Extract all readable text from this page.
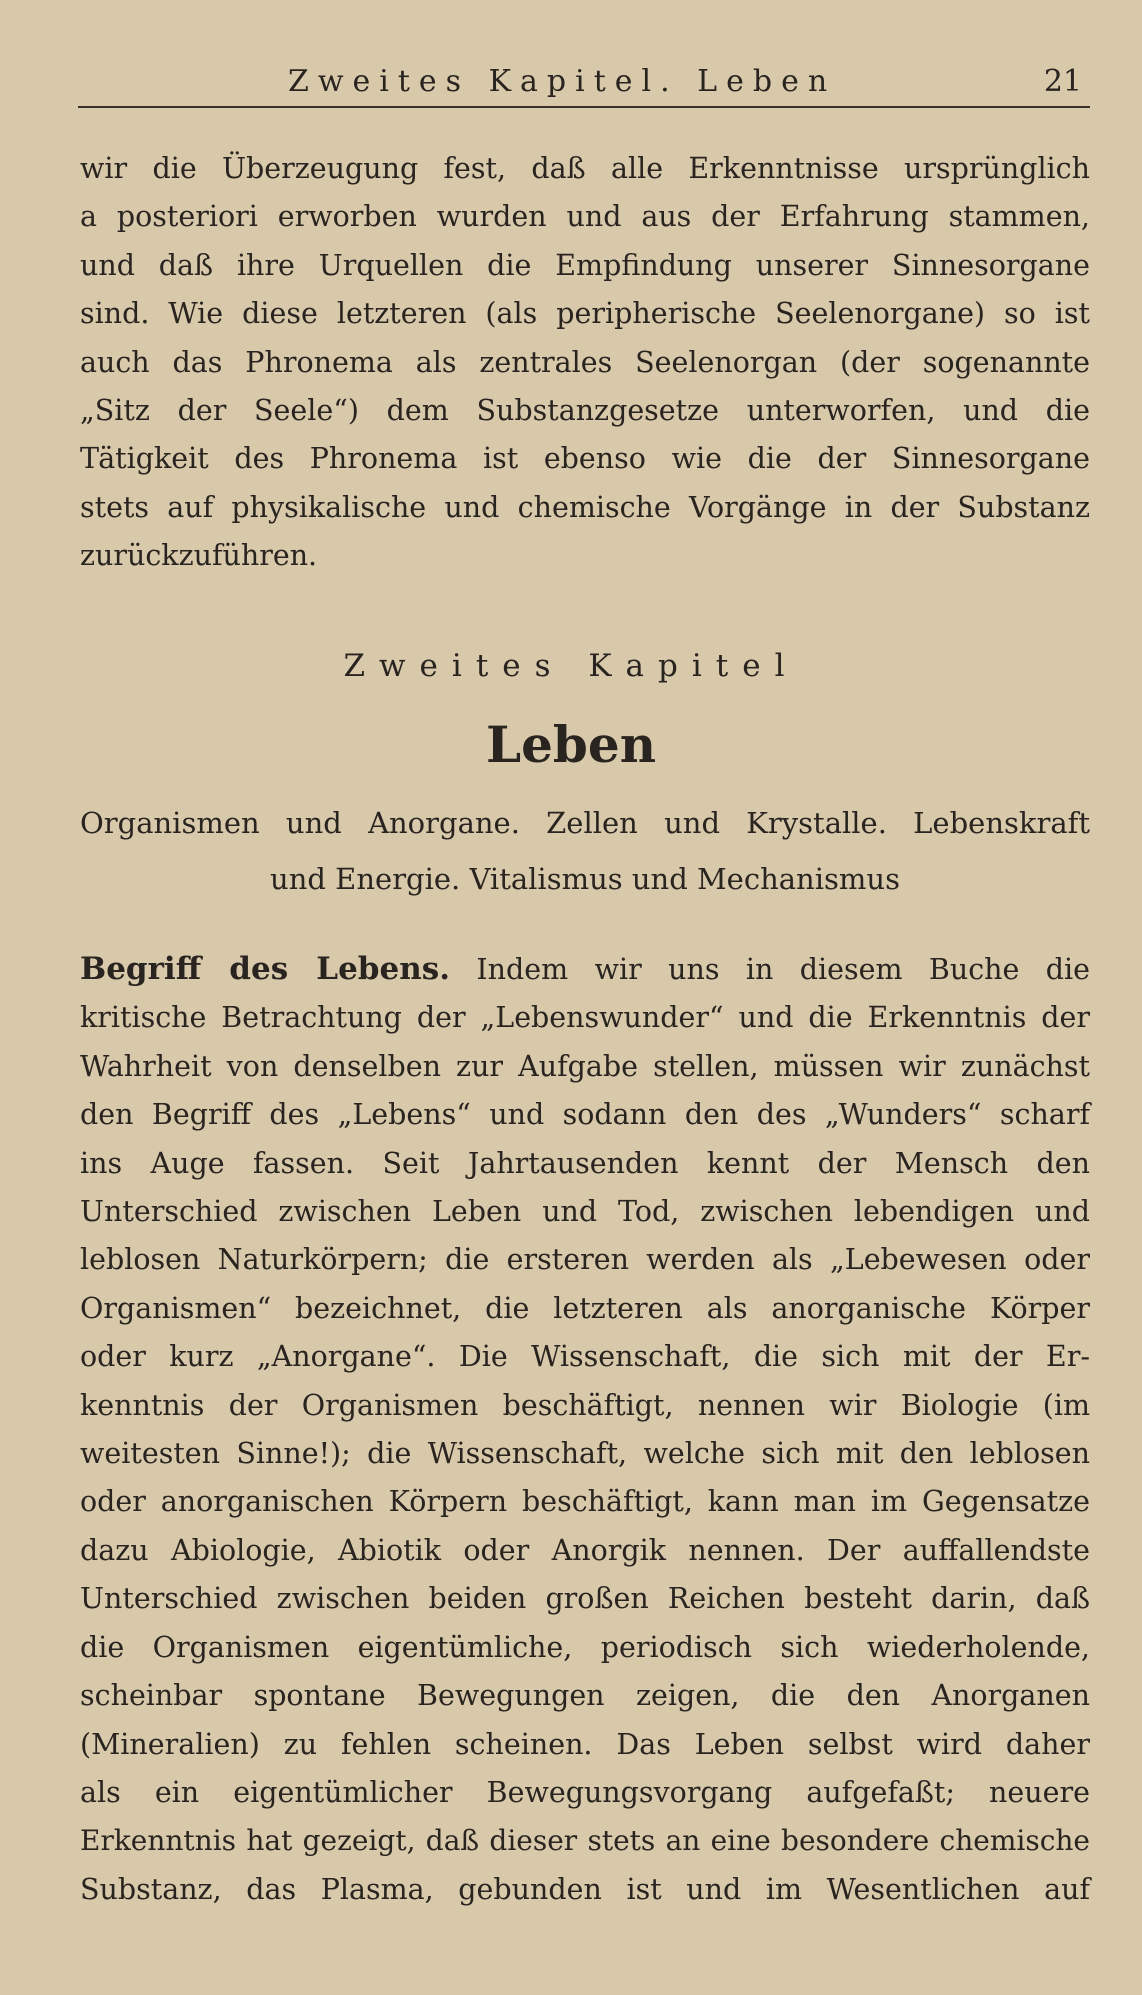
Zweites Kapitel. Leben	21
wir die Überzeugung fest, daß alle Erkenntnisse ursprünglich
a posteriori erworben wurden und aus der Erfahrung stammen,
und daß ihre Urquellen die Empfindung unserer Sinnesorgane
sind. Wie diese letzteren (als peripherische Seelenorgane) so ist
auch das Phronema als zentrales Seelenorgan (der sogenannte
„Sitz der Seele“) dem Substanzgesetze unterworfen, und die
Tätigkeit des Phronema ist ebenso wie die der Sinnesorgane
stets auf physikalische und chemische Vorgänge in der Substanz
zurückzuführen.
Zweites Kapitel
Leben
Organismen und Anorgane. Zellen und Krystalle. Lebenskraft
und Energie. Vitalismus und Mechanismus
Begriff des Lebens. Indem wir uns in diesem Buche die
kritische Betrachtung der „Lebenswunder“ und die Erkenntnis der
Wahrheit von denselben zur Aufgabe stellen, müssen wir zunächst
den Begriff des „Lebens“ und sodann den des „Wunders“ scharf
ins Auge fassen. Seit Jahrtausenden kennt der Mensch den
Unterschied zwischen Leben und Tod, zwischen lebendigen und
leblosen Naturkörpern; die ersteren werden als „Lebewesen oder
Organismen“ bezeichnet, die letzteren als anorganische Körper
oder kurz „Anorgane“. Die Wissenschaft, die sich mit der Er-
kenntnis der Organismen beschäftigt, nennen wir Biologie (im
weitesten Sinne!); die Wissenschaft, welche sich mit den leblosen
oder anorganischen Körpern beschäftigt, kann man im Gegensatze
dazu Abiologie, Abiotik oder Anorgik nennen. Der auffallendste
Unterschied zwischen beiden großen Reichen besteht darin, daß
die Organismen eigentümliche, periodisch sich wiederholende,
scheinbar spontane Bewegungen zeigen, die den Anorganen
(Mineralien) zu fehlen scheinen. Das Leben selbst wird daher
als ein eigentümlicher Bewegungsvorgang aufgefaßt; neuere
Erkenntnis hat gezeigt, daß dieser stets an eine besondere chemische
Substanz, das Plasma, gebunden ist und im Wesentlichen auf
